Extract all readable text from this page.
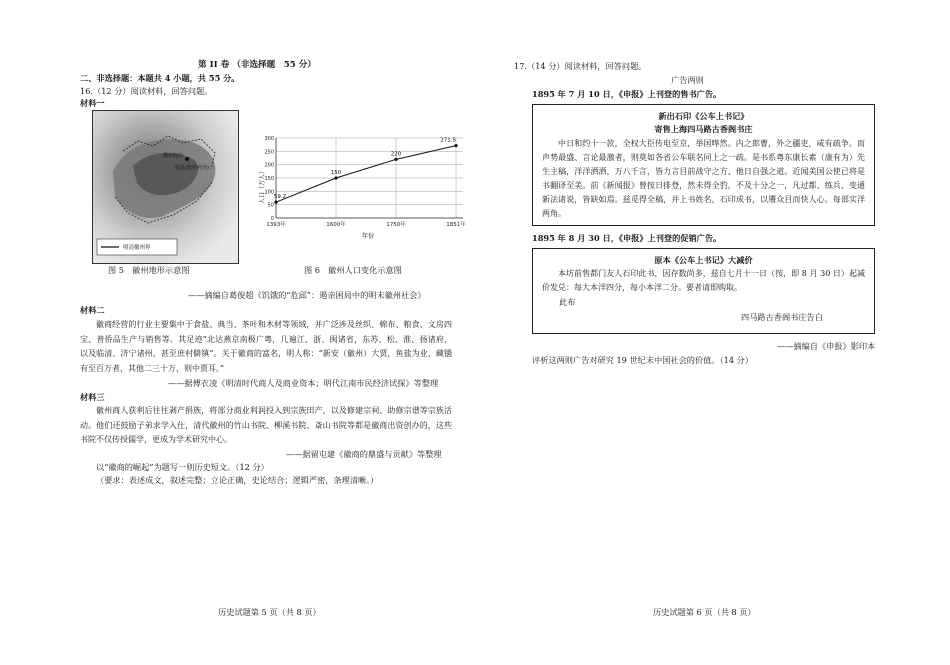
第 II 卷 （非选择题　55 分）
二、非选择题：本题共 4 小题，共 55 分。
16.（12 分）阅读材料，回答问题。
材料一
徽州府治
歙县(徽州府治)
明清徽州界
0
50
100
150
200
250
300
1393年	1600年	1750年	1851年
59.2
150
220
271.5
人口（万人）
年份
图 5　徽州地形示意图	图 6　徽州人口变化示意图
——摘编自葛俊超《饥饿的“危邱”：遏亲困局中的明末徽州社会》
材料二
徽商经营的行业主要集中于食盐、典当、茶叶和木材等领域，并广泛涉及丝织、棉布、粮食、文房四宝、普侨品生产与销售等。其足迹“北达燕京南极广粤，几遍江、浙、闽诸省，东苏、松、淮、扬诸府，以及临清、济宁诸州，甚至庶村僻镇”。关于徽商的富名，明人称：“新安（徽州）大贾，鱼盐为业，藏镪有至百万者，其他二三十万，则中贾耳。”
——据傅衣凌《明清时代商人及商业资本；明代江南市民经济试探》等整理
材料三
徽州商人获利后往往剥产捐族，将部分商业利润投入到宗族田产，以及修建宗祠、助修宗谱等宗族活动。他们还鼓励子弟求学入仕，清代徽州的竹山书院、柳溪书院、斎山书院等都是徽商出资创办的，这些书院不仅传授儒学，更成为学术研究中心。
——据留屯建《徽商的鼎盛与贡献》等整理
以“徽商的崛起”为题写一则历史短文。（12 分）
（要求：表述成文，叙述完整；立论正确，史论结合；逻辑严密，条理清晰。）
历史试题第 5 页（共 8 页）
17.（14 分）阅读材料，回答问题。
广告两则
1895 年 7 月 10 日，《申报》上刊登的售书广告。
新出石印《公车上书记》
寄售上海四马路古香阁书庄
中日和约十一款，全权大臣传电至京，举国哗然。内之郎曹，外之疆吏，咸有疏争。而声势最盛、言论最激者，则莫如各省公车联名同上之一疏。是书系粤东康长素（康有为）先生主稿，洋洋洒洒，万八千言，皆力言目前战守之方、他日自强之道。近闻美国公使已将是书翻译至美。前《新闻报》曾按日排登，然未得全豹，不及十分之一，凡过都、练兵、变通新法诸说，皆缺如焉。兹觅得全稿，并上书姓名，石印成书，以餍众目而快人心。每部实洋两角。
1895 年 8 月 30 日，《申报》上刊登的促销广告。
原本《公车上书记》大减价
本坊前售都门友人石印此书，因存数尚多，兹自七月十一日（按，即 8 月 30 日）起减价发兑：每大本洋四分，每小本洋二分。要者请即购取。
此布
四马路古香阁书庄告白
——摘编自《申报》影印本
评析这两则广告对研究 19 世纪末中国社会的价值。（14 分）
历史试题第 6 页（共 8 页）
